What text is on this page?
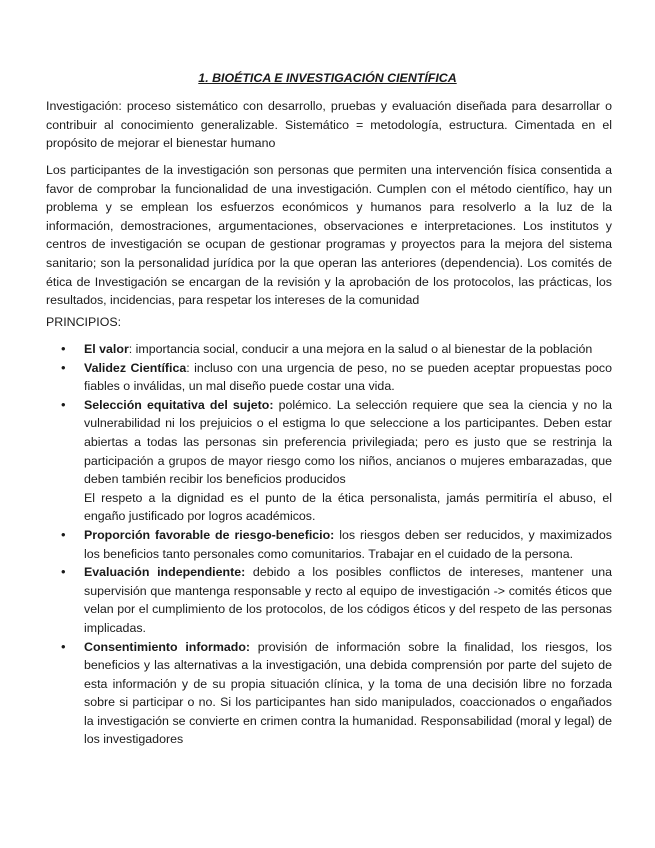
1. BIOÉTICA E INVESTIGACIÓN CIENTÍFICA
Investigación: proceso sistemático con desarrollo, pruebas y evaluación diseñada para desarrollar o contribuir al conocimiento generalizable. Sistemático = metodología, estructura. Cimentada en el propósito de mejorar el bienestar humano
Los participantes de la investigación son personas que permiten una intervención física consentida a favor de comprobar la funcionalidad de una investigación. Cumplen con el método científico, hay un problema y se emplean los esfuerzos económicos y humanos para resolverlo a la luz de la información, demostraciones, argumentaciones, observaciones e interpretaciones. Los institutos y centros de investigación se ocupan de gestionar programas y proyectos para la mejora del sistema sanitario; son la personalidad jurídica por la que operan las anteriores (dependencia). Los comités de ética de Investigación se encargan de la revisión y la aprobación de los protocolos, las prácticas, los resultados, incidencias, para respetar los intereses de la comunidad
PRINCIPIOS:
• El valor: importancia social, conducir a una mejora en la salud o al bienestar de la población
• Validez Científica: incluso con una urgencia de peso, no se pueden aceptar propuestas poco fiables o inválidas, un mal diseño puede costar una vida.
• Selección equitativa del sujeto: polémico. La selección requiere que sea la ciencia y no la vulnerabilidad ni los prejuicios o el estigma lo que seleccione a los participantes. Deben estar abiertas a todas las personas sin preferencia privilegiada; pero es justo que se restrinja la participación a grupos de mayor riesgo como los niños, ancianos o mujeres embarazadas, que deben también recibir los beneficios producidos
El respeto a la dignidad es el punto de la ética personalista, jamás permitiría el abuso, el engaño justificado por logros académicos.
• Proporción favorable de riesgo-beneficio: los riesgos deben ser reducidos, y maximizados los beneficios tanto personales como comunitarios. Trabajar en el cuidado de la persona.
• Evaluación independiente: debido a los posibles conflictos de intereses, mantener una supervisión que mantenga responsable y recto al equipo de investigación -> comités éticos que velan por el cumplimiento de los protocolos, de los códigos éticos y del respeto de las personas implicadas.
• Consentimiento informado: provisión de información sobre la finalidad, los riesgos, los beneficios y las alternativas a la investigación, una debida comprensión por parte del sujeto de esta información y de su propia situación clínica, y la toma de una decisión libre no forzada sobre si participar o no. Si los participantes han sido manipulados, coaccionados o engañados la investigación se convierte en crimen contra la humanidad. Responsabilidad (moral y legal) de los investigadores
